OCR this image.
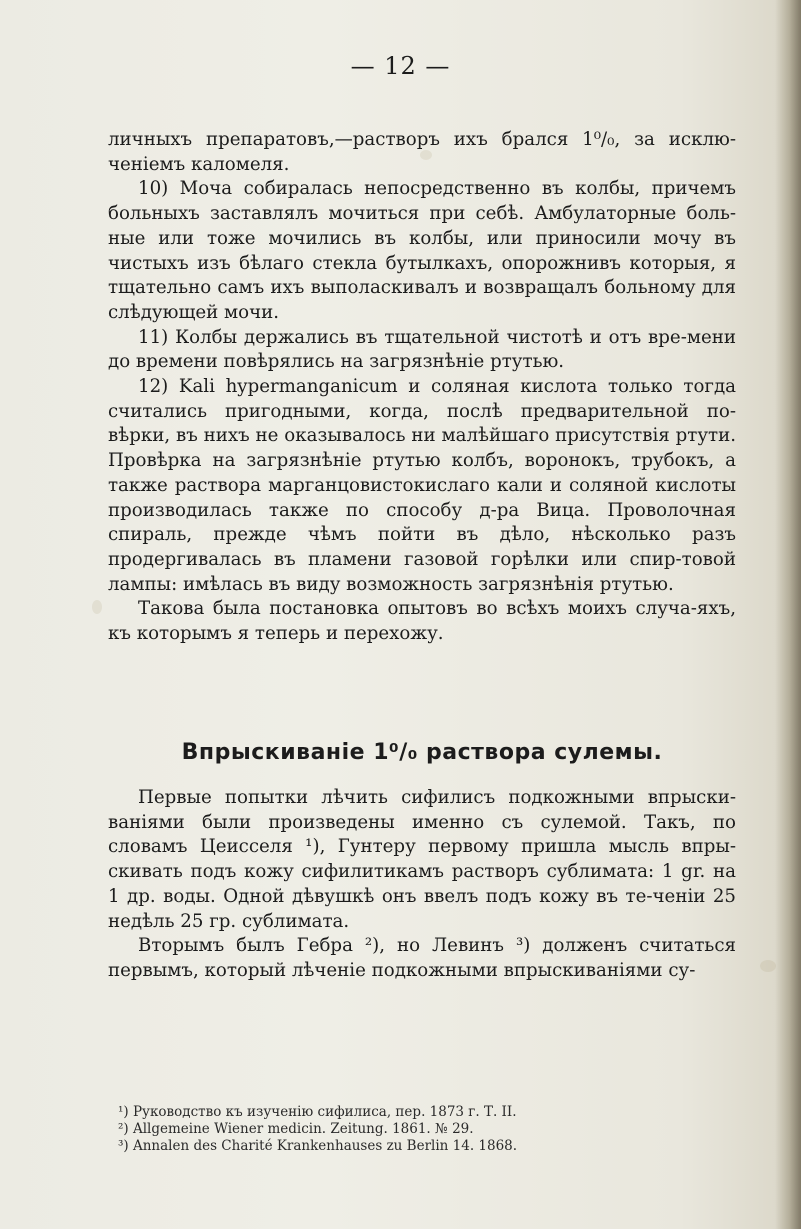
— 12 —

личныхъ препаратовъ,—растворъ ихъ брался 1⁰/₀, за исклю-ченіемъ каломеля.

10) Моча собиралась непосредственно въ колбы, причемъ больныхъ заставлялъ мочиться при себѣ. Амбулаторные боль-ные или тоже мочились въ колбы, или приносили мочу въ чистыхъ изъ бѣлаго стекла бутылкахъ, опорожнивъ которыя, я тщательно самъ ихъ выполаскивалъ и возвращалъ больному для слѣдующей мочи.

11) Колбы держались въ тщательной чистотѣ и отъ вре-мени до времени повѣрялись на загрязнѣніе ртутью.

12) Kali hypermanganicum и соляная кислота только тогда считались пригодными, когда, послѣ предварительной по-вѣрки, въ нихъ не оказывалось ни малѣйшаго присутствія ртути. Провѣрка на загрязнѣніе ртутью колбъ, воронокъ, трубокъ, а также раствора марганцовистокислаго кали и соляной кислоты производилась также по способу д-ра Вица. Проволочная спираль, прежде чѣмъ пойти въ дѣло, нѣсколько разъ продергивалась въ пламени газовой горѣлки или спир-товой лампы: имѣлась въ виду возможность загрязнѣнія ртутью.

Такова была постановка опытовъ во всѣхъ моихъ случа-яхъ, къ которымъ я теперь и перехожу.

Впрыскиваніе 1⁰/₀ раствора сулемы.

Первые попытки лѣчить сифилисъ подкожными впрыски-ваніями были произведены именно съ сулемой. Такъ, по словамъ Цеисселя ¹), Гунтеру первому пришла мысль впры-скивать подъ кожу сифилитикамъ растворъ сублимата: 1 gr. на 1 др. воды. Одной дѣвушкѣ онъ ввелъ подъ кожу въ те-ченіи 25 недѣль 25 гр. сублимата.

Вторымъ былъ Гебра ²), но Левинъ ³) долженъ считаться первымъ, который лѣченіе подкожными впрыскиваніями су-

¹) Руководство къ изученію сифилиса, пер. 1873 г. Т. II.

²) Allgemeine Wiener medicin. Zeitung. 1861. № 29.

³) Annalen des Charité Krankenhauses zu Berlin 14. 1868.
